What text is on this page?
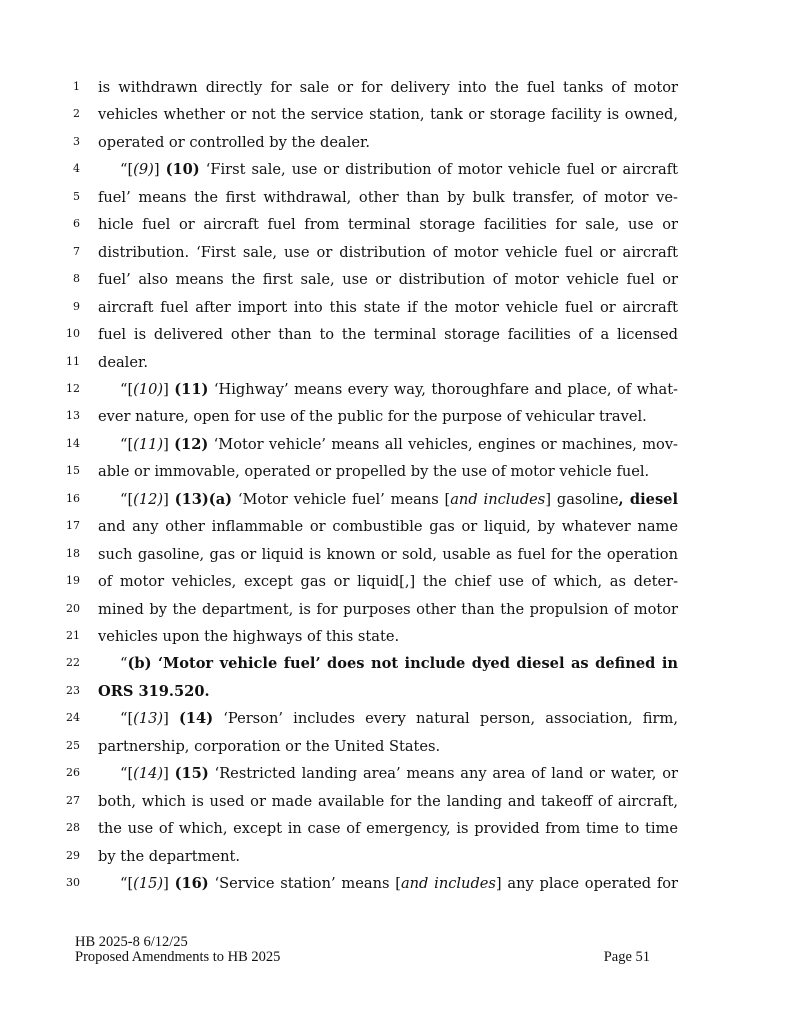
1 is withdrawn directly for sale or for delivery into the fuel tanks of motor
2 vehicles whether or not the service station, tank or storage facility is owned,
3 operated or controlled by the dealer.
4	“[(9)] (10) ‘First sale, use or distribution of motor vehicle fuel or aircraft
5 fuel’ means the first withdrawal, other than by bulk transfer, of motor ve-
6 hicle fuel or aircraft fuel from terminal storage facilities for sale, use or
7 distribution. ‘First sale, use or distribution of motor vehicle fuel or aircraft
8 fuel’ also means the first sale, use or distribution of motor vehicle fuel or
9 aircraft fuel after import into this state if the motor vehicle fuel or aircraft
10 fuel is delivered other than to the terminal storage facilities of a licensed
11 dealer.
12	“[(10)] (11) ‘Highway’ means every way, thoroughfare and place, of what-
13 ever nature, open for use of the public for the purpose of vehicular travel.
14	“[(11)] (12) ‘Motor vehicle’ means all vehicles, engines or machines, mov-
15 able or immovable, operated or propelled by the use of motor vehicle fuel.
16	“[(12)] (13)(a) ‘Motor vehicle fuel’ means [and includes] gasoline, diesel
17 and any other inflammable or combustible gas or liquid, by whatever name
18 such gasoline, gas or liquid is known or sold, usable as fuel for the operation
19 of motor vehicles, except gas or liquid[,] the chief use of which, as deter-
20 mined by the department, is for purposes other than the propulsion of motor
21 vehicles upon the highways of this state.
22	“(b) ‘Motor vehicle fuel’ does not include dyed diesel as defined in
23 ORS 319.520.
24	“[(13)] (14) ‘Person’ includes every natural person, association, firm,
25 partnership, corporation or the United States.
26	“[(14)] (15) ‘Restricted landing area’ means any area of land or water, or
27 both, which is used or made available for the landing and takeoff of aircraft,
28 the use of which, except in case of emergency, is provided from time to time
29 by the department.
30	“[(15)] (16) ‘Service station’ means [and includes] any place operated for
HB 2025-8 6/12/25
Proposed Amendments to HB 2025	Page 51
